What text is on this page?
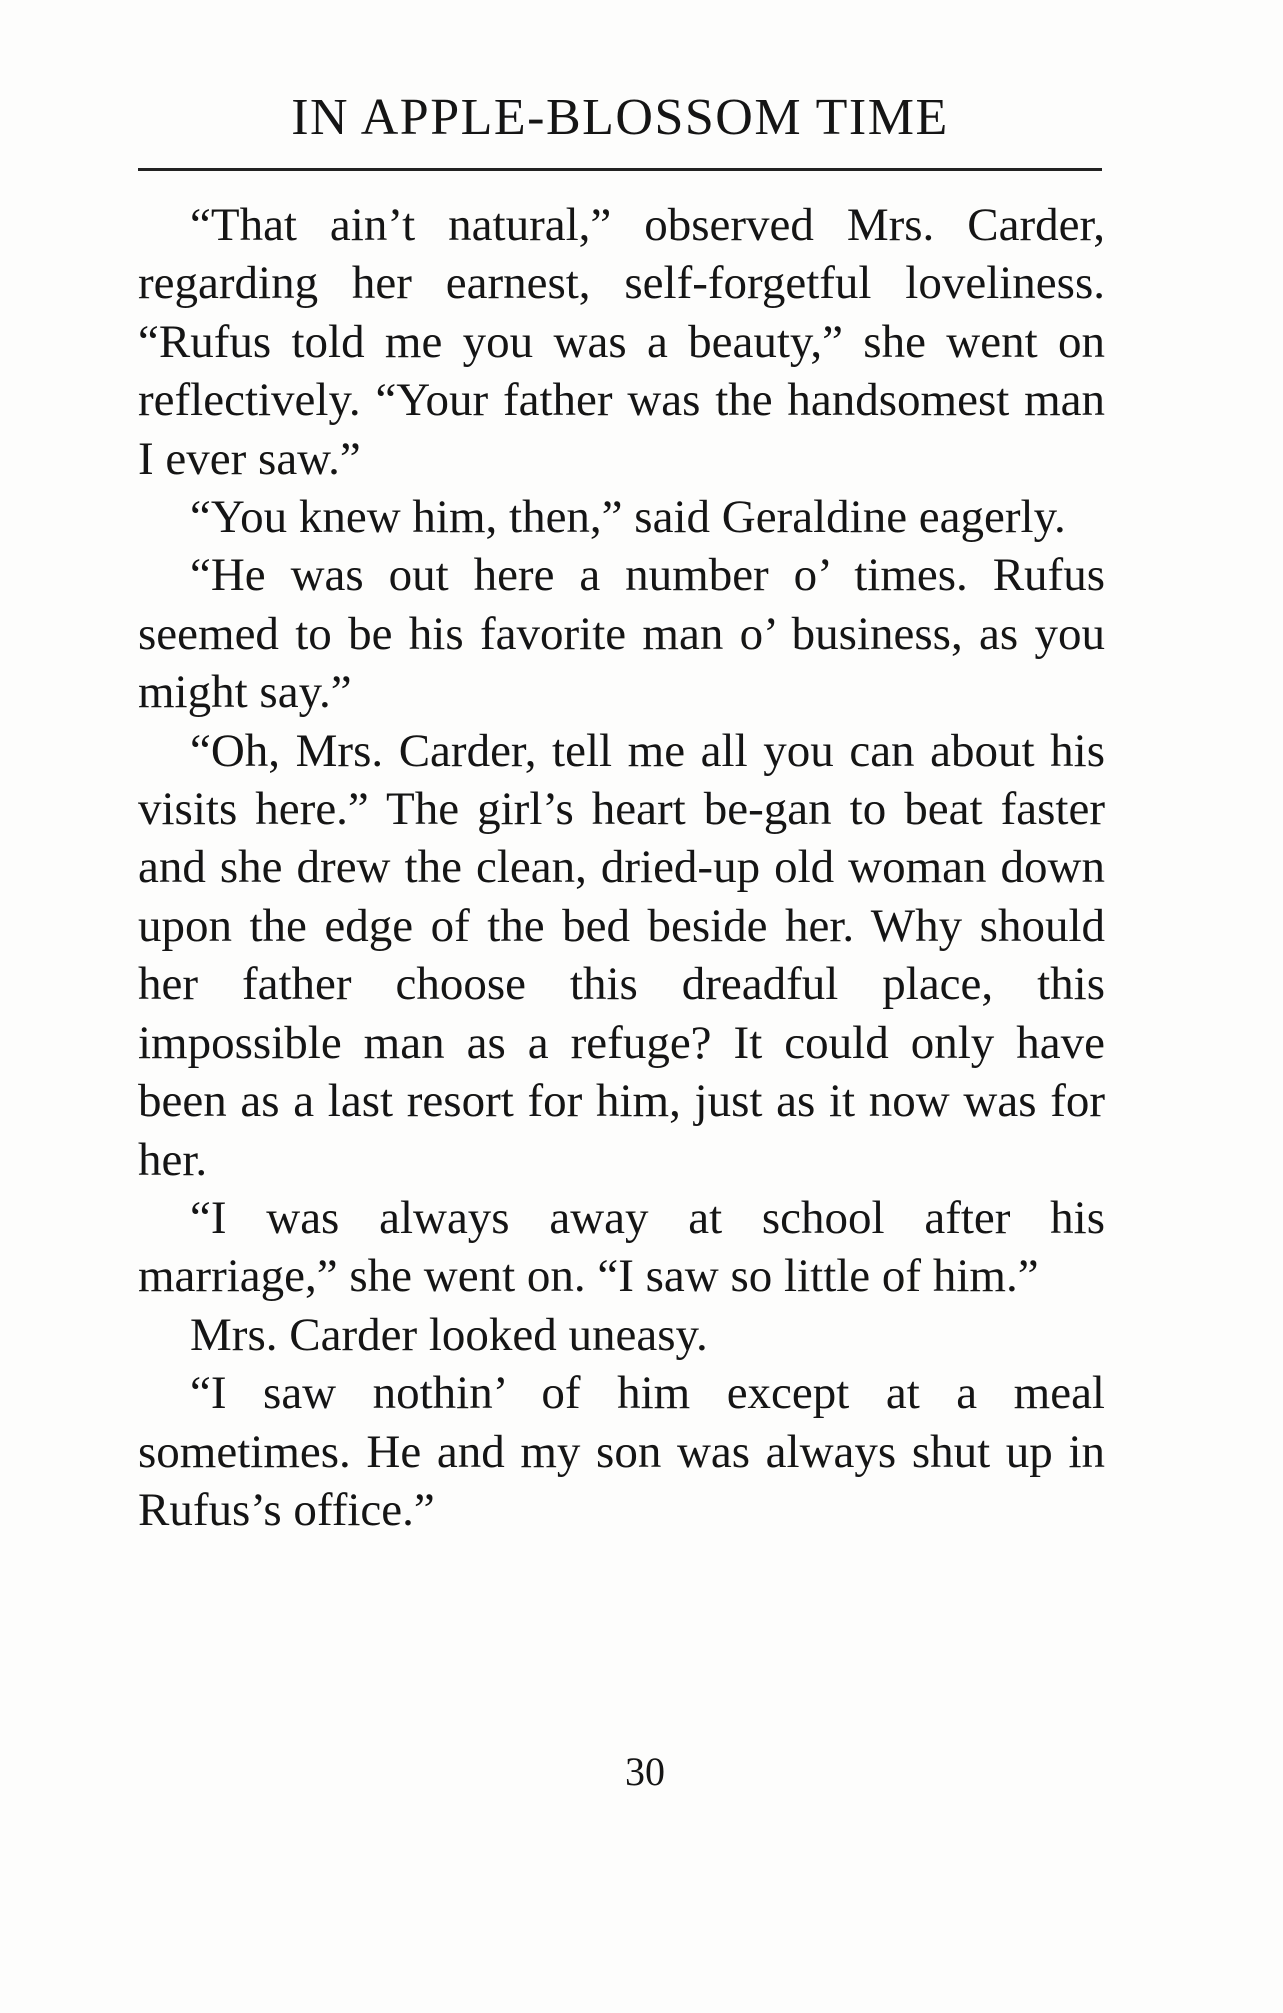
IN APPLE-BLOSSOM TIME

“That ain’t natural,” observed Mrs. Carder, regarding her earnest, self-forgetful loveliness. “Rufus told me you was a beauty,” she went on reflectively. “Your father was the handsomest man I ever saw.”

“You knew him, then,” said Geraldine eagerly.

“He was out here a number o’ times. Rufus seemed to be his favorite man o’ business, as you might say.”

“Oh, Mrs. Carder, tell me all you can about his visits here.” The girl’s heart be-gan to beat faster and she drew the clean, dried-up old woman down upon the edge of the bed beside her. Why should her father choose this dreadful place, this impossible man as a refuge? It could only have been as a last resort for him, just as it now was for her.

“I was always away at school after his marriage,” she went on. “I saw so little of him.”

Mrs. Carder looked uneasy.

“I saw nothin’ of him except at a meal sometimes. He and my son was always shut up in Rufus’s office.”

30
